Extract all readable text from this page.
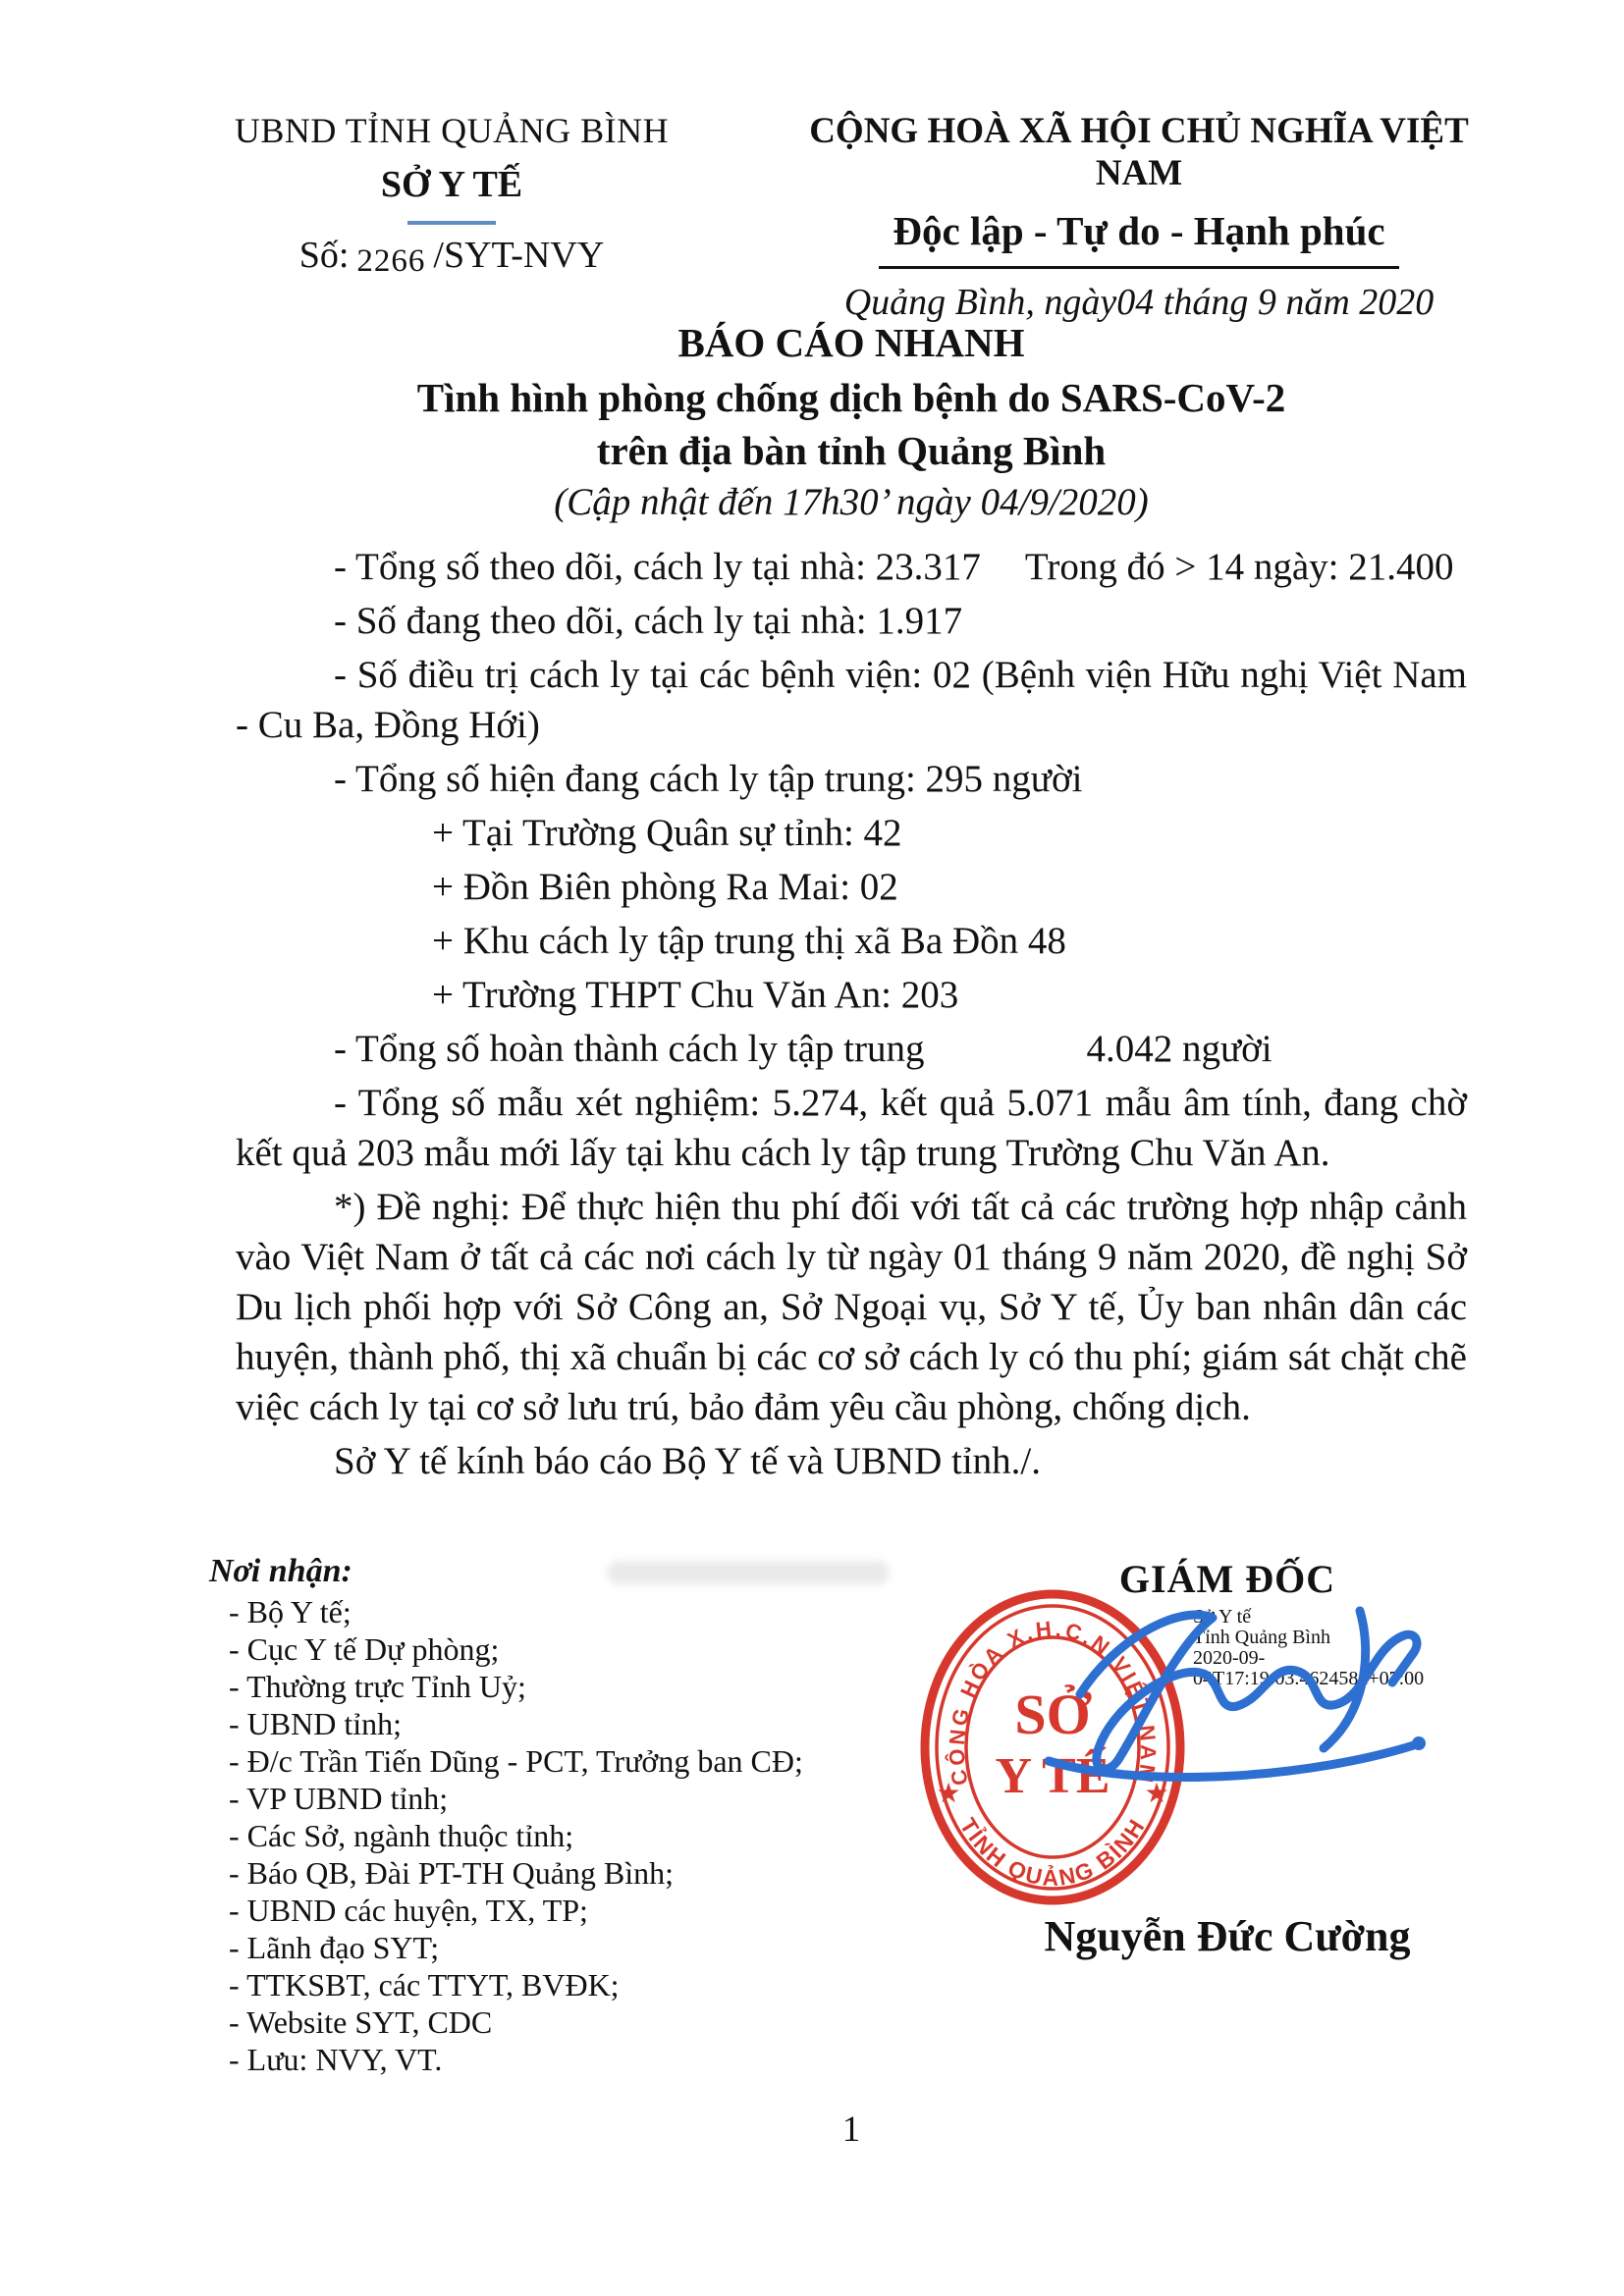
UBND TỈNH QUẢNG BÌNH
SỞ Y TẾ
Số: 2266 /SYT-NVY
CỘNG HOÀ XÃ HỘI CHỦ NGHĨA VIỆT NAM
Độc lập - Tự do - Hạnh phúc
Quảng Bình, ngày04 tháng 9 năm 2020
BÁO CÁO NHANH
Tình hình phòng chống dịch bệnh do SARS-CoV-2
trên địa bàn tỉnh Quảng Bình
(Cập nhật đến 17h30’ ngày 04/9/2020)

- Tổng số theo dõi, cách ly tại nhà: 23.317 Trong đó > 14 ngày: 21.400

- Số đang theo dõi, cách ly tại nhà: 1.917

- Số điều trị cách ly tại các bệnh viện: 02 (Bệnh viện Hữu nghị Việt Nam - Cu Ba, Đồng Hới)

- Tổng số hiện đang cách ly tập trung: 295 người

+ Tại Trường Quân sự tỉnh: 42

+ Đồn Biên phòng Ra Mai: 02

+ Khu cách ly tập trung thị xã Ba Đồn 48

+ Trường THPT Chu Văn An: 203

- Tổng số hoàn thành cách ly tập trung	4.042 người

- Tổng số mẫu xét nghiệm: 5.274, kết quả 5.071 mẫu âm tính, đang chờ kết quả 203 mẫu mới lấy tại khu cách ly tập trung Trường Chu Văn An.

*) Đề nghị: Để thực hiện thu phí đối với tất cả các trường hợp nhập cảnh vào Việt Nam ở tất cả các nơi cách ly từ ngày 01 tháng 9 năm 2020, đề nghị Sở Du lịch phối hợp với Sở Công an, Sở Ngoại vụ, Sở Y tế, Ủy ban nhân dân các huyện, thành phố, thị xã chuẩn bị các cơ sở cách ly có thu phí; giám sát chặt chẽ việc cách ly tại cơ sở lưu trú, bảo đảm yêu cầu phòng, chống dịch.

Sở Y tế kính báo cáo Bộ Y tế và UBND tỉnh./.

Nơi nhận:
- Bộ Y tế;
- Cục Y tế Dự phòng;
- Thường trực Tỉnh Uỷ;
- UBND tỉnh;
- Đ/c Trần Tiến Dũng - PCT, Trưởng ban CĐ;
- VP UBND tỉnh;
- Các Sở, ngành thuộc tỉnh;
- Báo QB, Đài PT-TH Quảng Bình;
- UBND các huyện, TX, TP;
- Lãnh đạo SYT;
- TTKSBT, các TTYT, BVĐK;
- Website SYT, CDC
- Lưu: NVY, VT.
GIÁM ĐỐC
Sở Y tế
Tỉnh Quảng Bình
2020-09-04T17:19:03.4624582+07:00
Nguyễn Đức Cường
CỘNG HÒA X.H.C.N VIỆT NAM
TỈNH QUẢNG BÌNH
★	★
SỞ
Y TẾ
1
